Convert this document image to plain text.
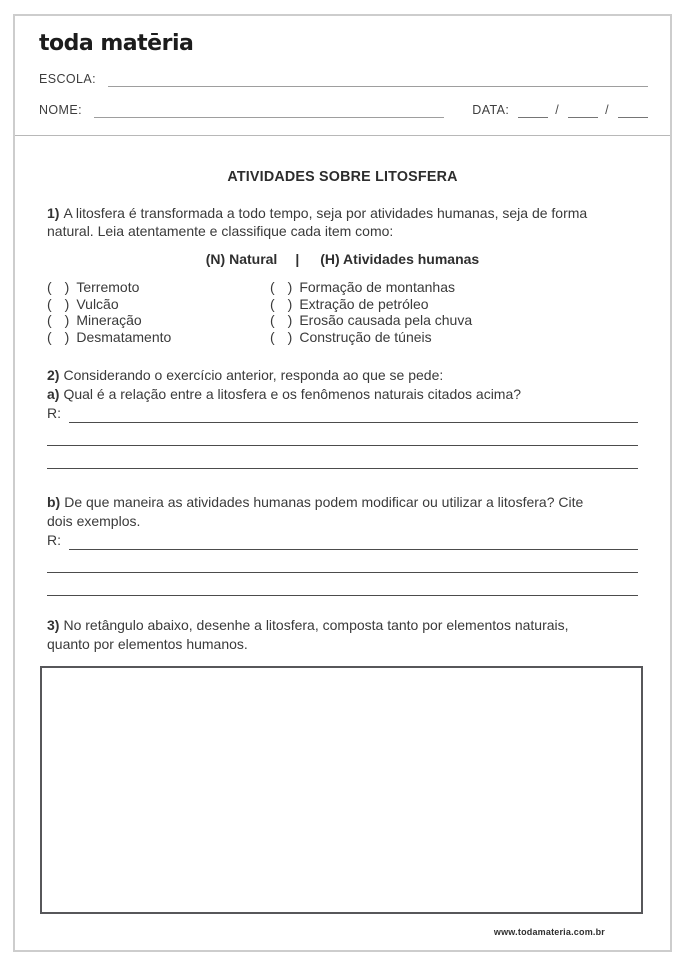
toda matēria
ESCOLA:
NOME:	DATA:	/	/
ATIVIDADES SOBRE LITOSFERA
1) A litosfera é transformada a todo tempo, seja por atividades humanas, seja de forma
natural. Leia atentamente e classifique cada item como:
(N) Natural | (H) Atividades humanas
( ) Terremoto	( ) Formação de montanhas
( ) Vulcão	( ) Extração de petróleo
( ) Mineração	( ) Erosão causada pela chuva
( ) Desmatamento	( ) Construção de túneis
2) Considerando o exercício anterior, responda ao que se pede:
a) Qual é a relação entre a litosfera e os fenômenos naturais citados acima?
R:
b) De que maneira as atividades humanas podem modificar ou utilizar a litosfera? Cite
dois exemplos.
R:
3) No retângulo abaixo, desenhe a litosfera, composta tanto por elementos naturais,
quanto por elementos humanos.
www.todamateria.com.br
